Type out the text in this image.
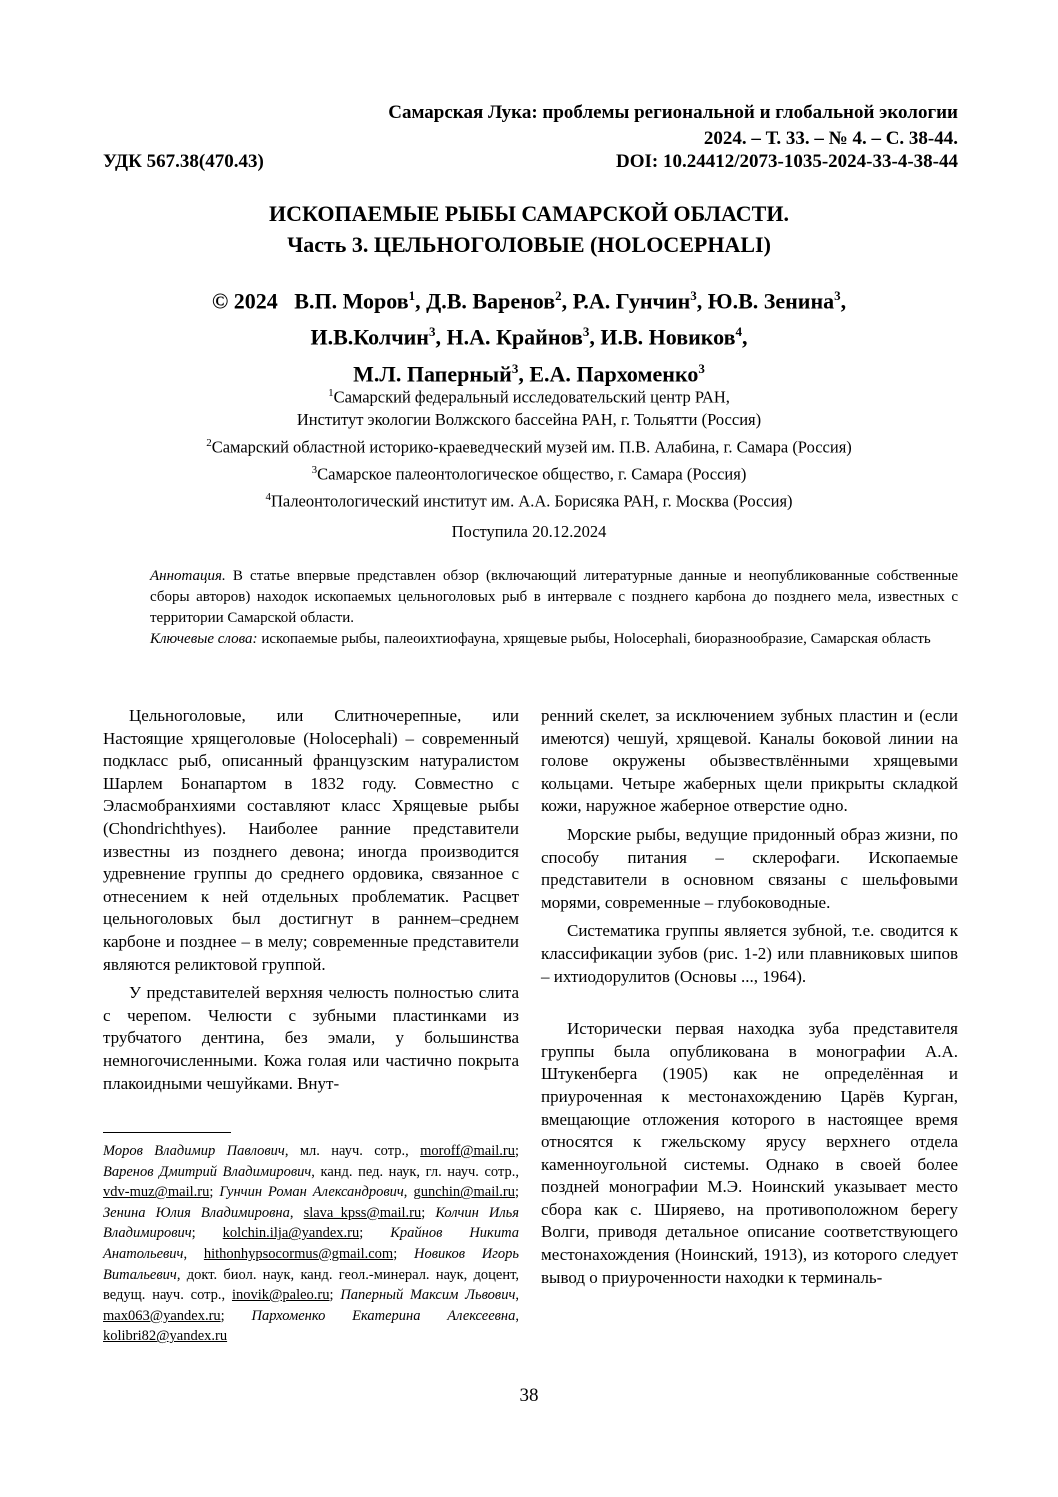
Самарская Лука: проблемы региональной и глобальной экологии
2024. – Т. 33. – № 4. – С. 38-44.
УДК 567.38(470.43)	DOI: 10.24412/2073-1035-2024-33-4-38-44
ИСКОПАЕМЫЕ РЫБЫ САМАРСКОЙ ОБЛАСТИ.
Часть 3. ЦЕЛЬНОГОЛОВЫЕ (HOLOCEPHALI)
© 2024 В.П. Моров$^1$, Д.В. Варенов$^2$, Р.А. Гунчин$^3$, Ю.В. Зенина$^3$,
И.В.Колчин$^3$, Н.А. Крайнов$^3$, И.В. Новиков$^4$,
М.Л. Паперный$^3$, Е.А. Пархоменко$^3$
$^1$Самарский федеральный исследовательский центр РАН,
Институт экологии Волжского бассейна РАН, г. Тольятти (Россия)
$^2$Самарский областной историко-краеведческий музей им. П.В. Алабина, г. Самара (Россия)
$^3$Самарское палеонтологическое общество, г. Самара (Россия)
$^4$Палеонтологический институт им. А.А. Борисяка РАН, г. Москва (Россия)
Поступила 20.12.2024

Аннотация. В статье впервые представлен обзор (включающий литературные данные и неопубликованные собственные сборы авторов) находок ископаемых цельноголовых рыб в интервале с позднего карбона до позднего мела, известных с территории Самарской области.

Ключевые слова: ископаемые рыбы, палеоихтиофауна, хрящевые рыбы, Holocephali, биоразнообразие, Самарская область

Цельноголовые, или Слитночерепные, или Настоящие хрящеголовые (Holocephali) – современный подкласс рыб, описанный французским натуралистом Шарлем Бонапартом в 1832 году. Совместно с Эласмобранхиями составляют класс Хрящевые рыбы (Chondrichthyes). Наиболее ранние представители известны из позднего девона; иногда производится удревнение группы до среднего ордовика, связанное с отнесением к ней отдельных проблематик. Расцвет цельноголовых был достигнут в раннем–среднем карбоне и позднее – в мелу; современные представители являются реликтовой группой.

У представителей верхняя челюсть полностью слита с черепом. Челюсти с зубными пластинками из трубчатого дентина, без эмали, у большинства немногочисленными. Кожа голая или частично покрыта плакоидными чешуйками. Внут-

ренний скелет, за исключением зубных пластин и (если имеются) чешуй, хрящевой. Каналы боковой линии на голове окружены обызвествлёнными хрящевыми кольцами. Четыре жаберных щели прикрыты складкой кожи, наружное жаберное отверстие одно.

Морские рыбы, ведущие придонный образ жизни, по способу питания – склерофаги. Ископаемые представители в основном связаны с шельфовыми морями, современные – глубоководные.

Систематика группы является зубной, т.е. сводится к классификации зубов (рис. 1-2) или плавниковых шипов – ихтиодорулитов (Основы ..., 1964).

Исторически первая находка зуба представителя группы была опубликована в монографии А.А. Штукенберга (1905) как не определённая и приуроченная к местонахождению Царёв Курган, вмещающие отложения которого в настоящее время относятся к гжельскому ярусу верхнего отдела каменноугольной системы. Однако в своей более поздней монографии М.Э. Ноинский указывает место сбора как с. Ширяево, на противоположном берегу Волги, приводя детальное описание соответствующего местонахождения (Ноинский, 1913), из которого следует вывод о приуроченности находки к терминаль-

Моров Владимир Павлович, мл. науч. сотр., moroff@mail.ru; Варенов Дмитрий Владимирович, канд. пед. наук, гл. науч. сотр., vdv-muz@mail.ru; Гунчин Роман Александрович, gunchin@mail.ru; Зенина Юлия Владимировна, slava_kpss@mail.ru; Колчин Илья Владимирович; kolchin.ilja@yandex.ru; Крайнов Никита Анатольевич, hithonhypsocormus@gmail.com; Новиков Игорь Витальевич, докт. биол. наук, канд. геол.-минерал. наук, доцент, ведущ. науч. сотр., inovik@paleo.ru; Паперный Максим Львович, max063@yandex.ru; Пархоменко Екатерина Алексеевна, kolibri82@yandex.ru
38
